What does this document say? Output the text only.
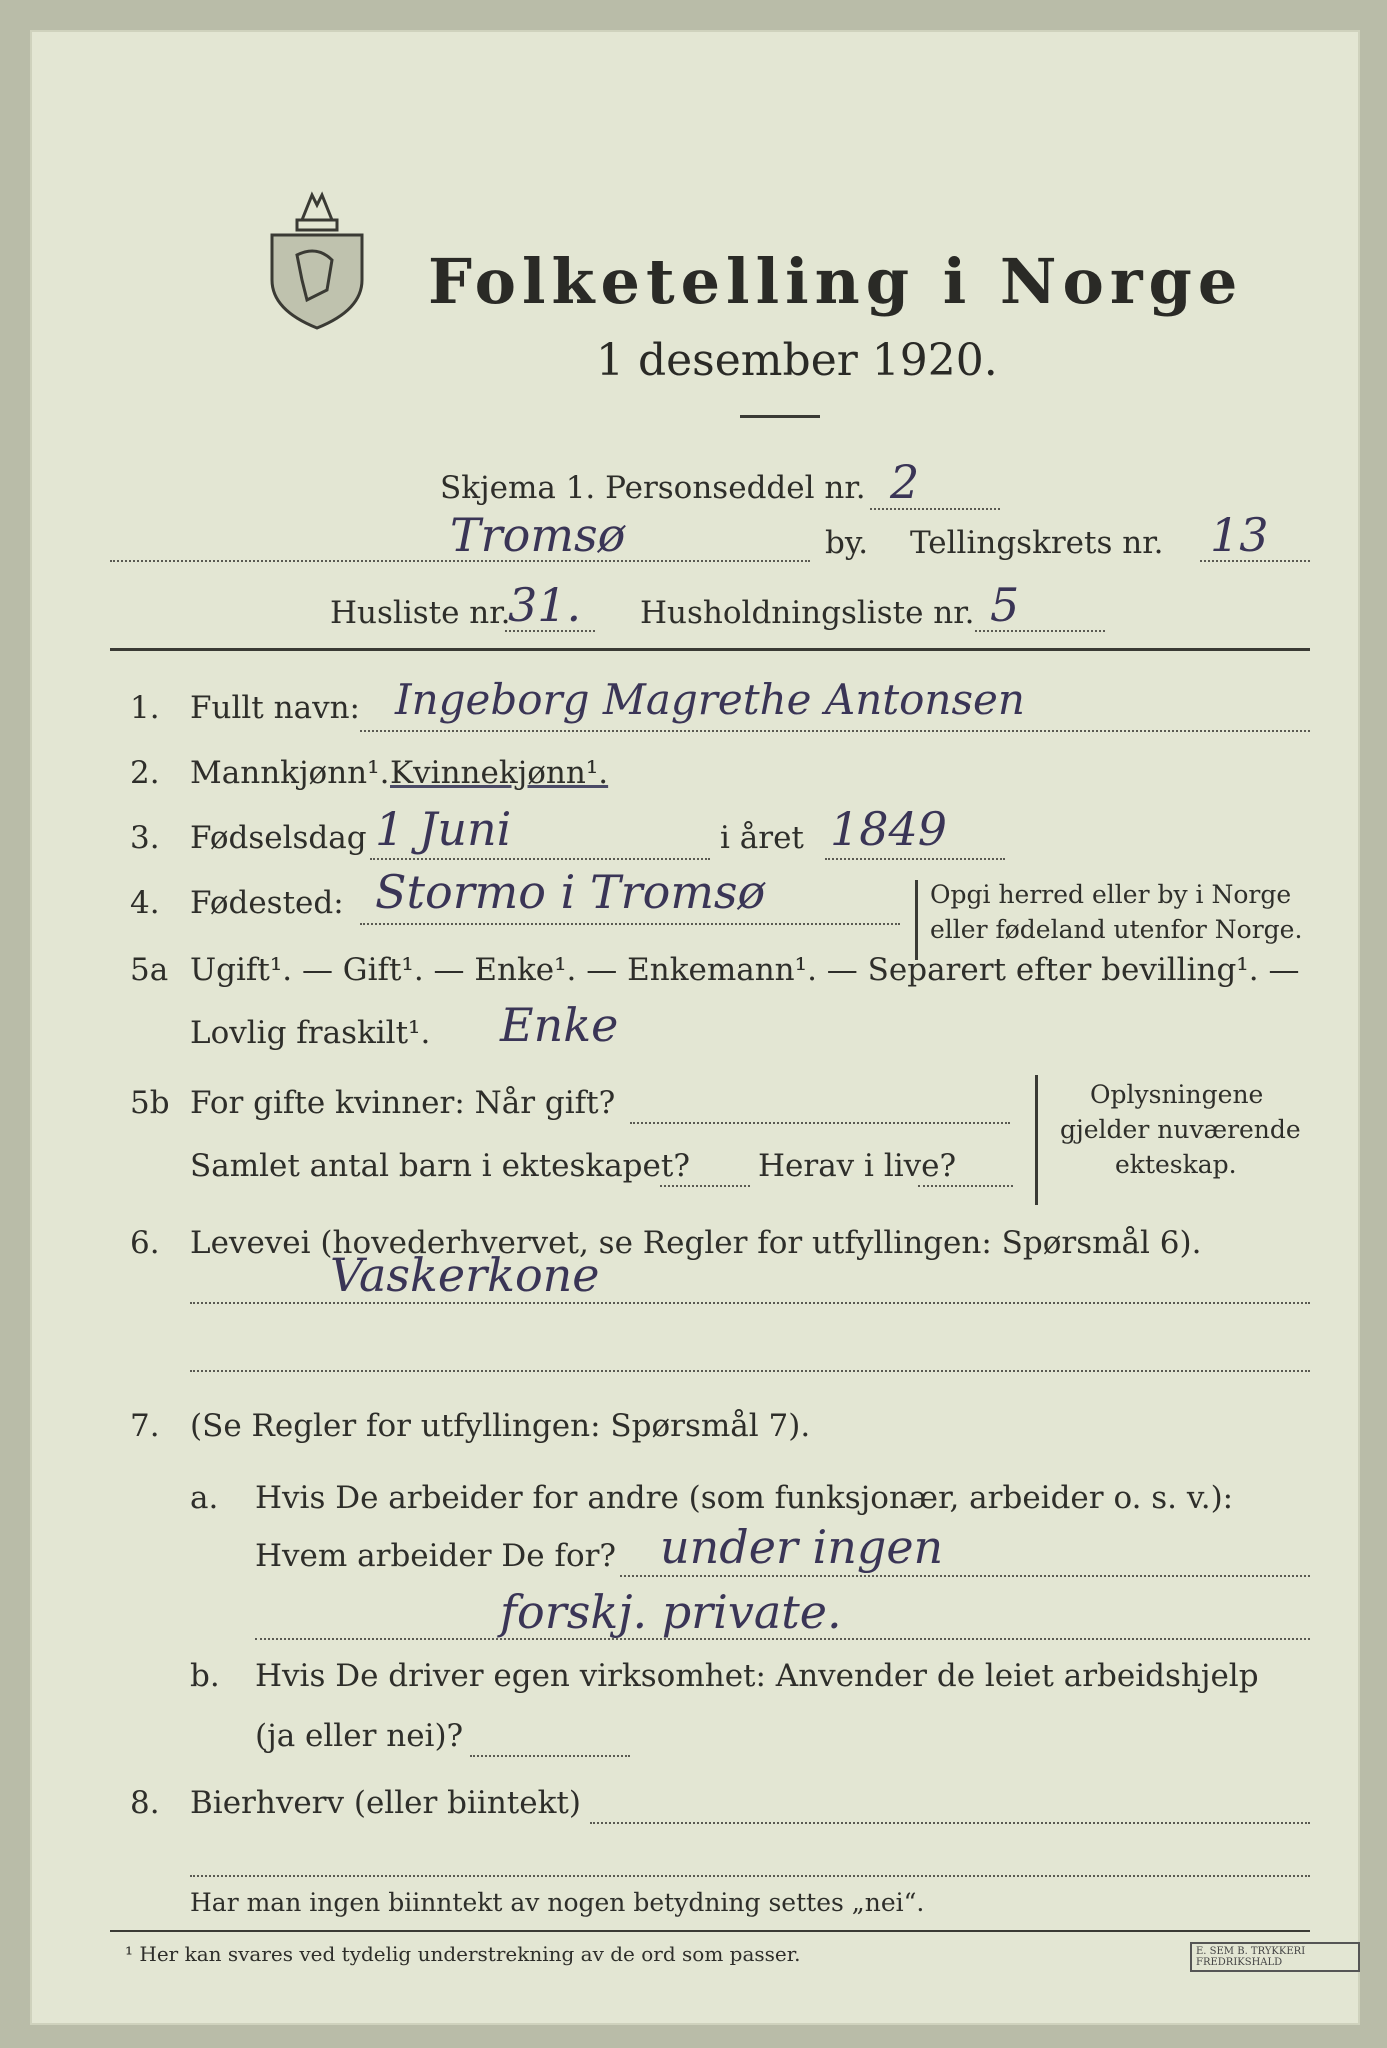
Folketelling i Norge
1 desember 1920.
Skjema 1. Personseddel nr. 2
Tromsø	by. Tellingskrets nr. 13
Husliste nr.
31. Husholdningsliste nr. 5
1. Fullt navn: Ingeborg Magrethe Antonsen
2. Mannkjønn¹. Kvinnekjønn¹.
3. Fødselsdag 1 Juni	i året 1849
4. Fødested: Stormo i Tromsø	Opgi herred eller by i Norge
eller fødeland utenfor Norge.
5a Ugift¹. — Gift¹. — Enke¹. — Enkemann¹. — Separert efter bevilling¹. —
Lovlig fraskilt¹. Enke
5b For gifte kvinner: Når gift?
Samlet antal barn i ekteskapet? Herav i live?
Oplysningene
gjelder nuværende
ekteskap.
6. Levevei (hovederhvervet, se Regler for utfyllingen: Spørsmål 6).
Vaskerkone
7. (Se Regler for utfyllingen: Spørsmål 7).
a. Hvis De arbeider for andre (som funksjonær, arbeider o. s. v.):
Hvem arbeider De for? under ingen
forskj. private.
b. Hvis De driver egen virksomhet: Anvender de leiet arbeidshjelp
(ja eller nei)?
8. Bierhverv (eller biintekt)
Har man ingen biinntekt av nogen betydning settes „nei“.
¹ Her kan svares ved tydelig understrekning av de ord som passer.	E. SEM B. TRYKKERI FREDRIKSHALD
